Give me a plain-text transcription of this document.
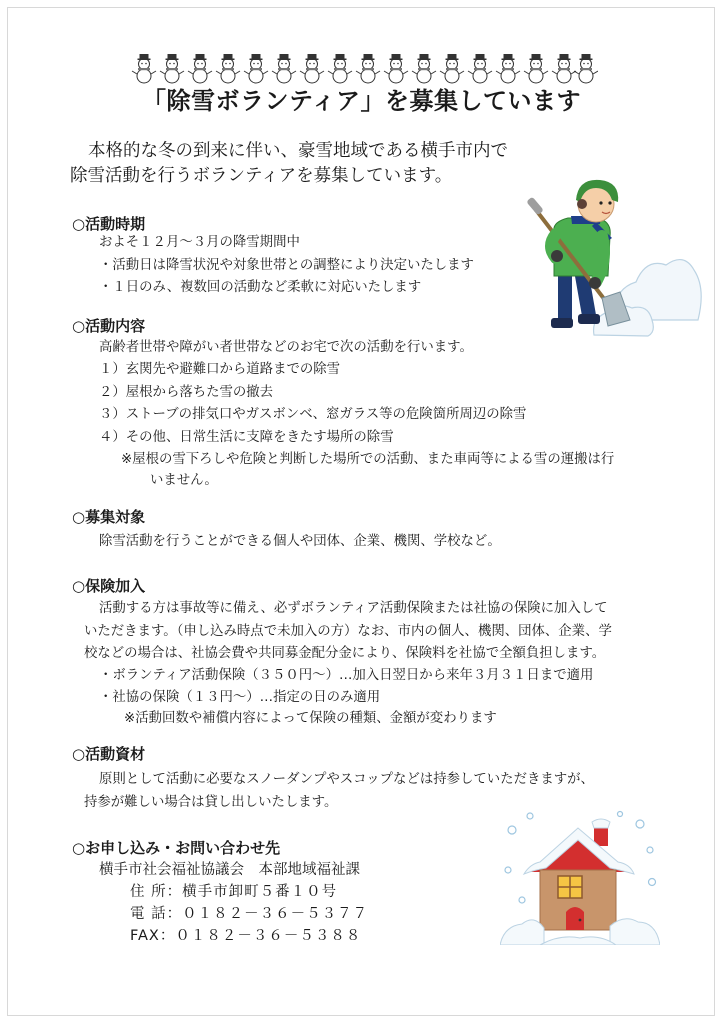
「除雪ボランティア」を募集しています

本格的な冬の到来に伴い、豪雪地域である横手市内で

除雪活動を行うボランティアを募集しています。

○活動時期
およそ１２月～３月の降雪期間中
・活動日は降雪状況や対象世帯との調整により決定いたします
・１日のみ、複数回の活動など柔軟に対応いたします
○活動内容
高齢者世帯や障がい者世帯などのお宅で次の活動を行います。
１）玄関先や避難口から道路までの除雪
２）屋根から落ちた雪の撤去
３）ストーブの排気口やガスボンベ、窓ガラス等の危険箇所周辺の除雪
４）その他、日常生活に支障をきたす場所の除雪
※屋根の雪下ろしや危険と判断した場所での活動、また車両等による雪の運搬は行
いません。
○募集対象
除雪活動を行うことができる個人や団体、企業、機関、学校など。
○保険加入
活動する方は事故等に備え、必ずボランティア活動保険または社協の保険に加入して
いただきます。（申し込み時点で未加入の方）なお、市内の個人、機関、団体、企業、学
校などの場合は、社協会費や共同募金配分金により、保険料を社協で全額負担します。
・ボランティア活動保険（３５０円～）…加入日翌日から来年３月３１日まで適用
・社協の保険（１３円～）…指定の日のみ適用
※活動回数や補償内容によって保険の種類、金額が変わります
○活動資材
原則として活動に必要なスノーダンプやスコップなどは持参していただきますが、
持参が難しい場合は貸し出しいたします。
○お申し込み・お問い合わせ先
横手市社会福祉協議会　本部地域福祉課
住 所：横手市卸町５番１０号
電 話：０１８２－３６－５３７７
FAX：０１８２－３６－５３８８
